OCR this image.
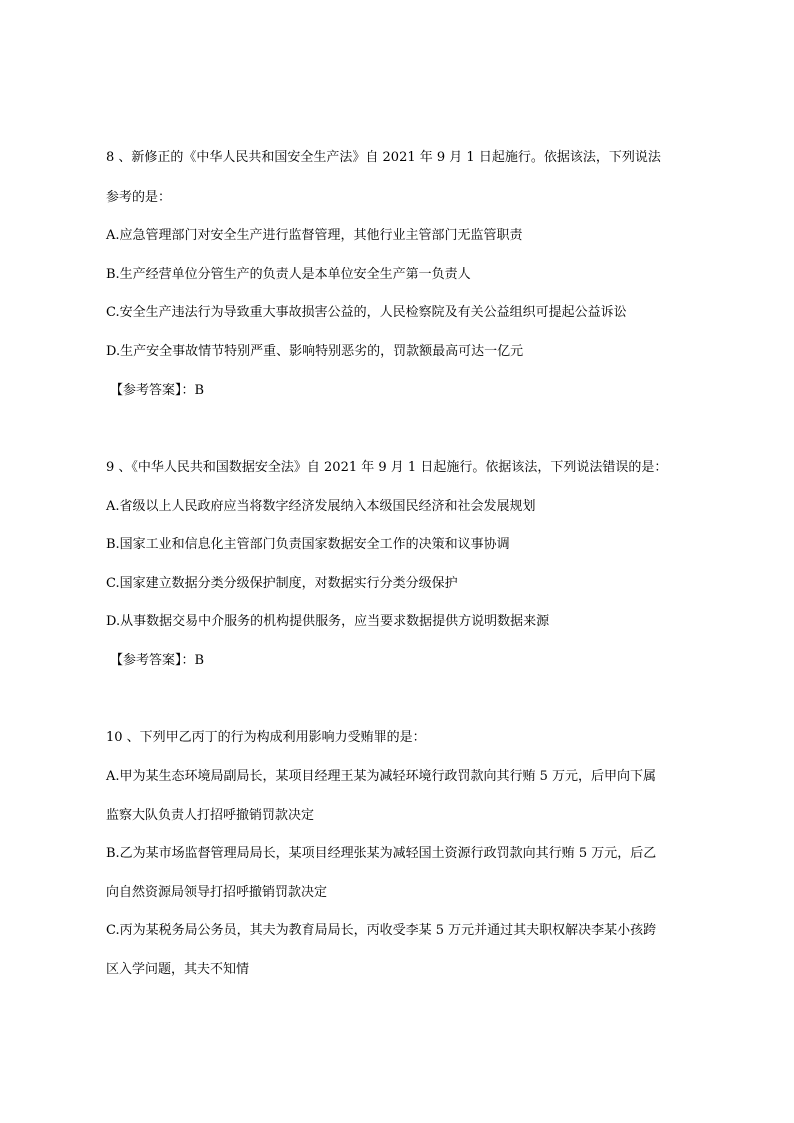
8 、新修正的《中华人民共和国安全生产法》自 2021 年 9 月 1 日起施行。依据该法，下列说法
参考的是：
A.应急管理部门对安全生产进行监督管理，其他行业主管部门无监管职责
B.生产经营单位分管生产的负责人是本单位安全生产第一负责人
C.安全生产违法行为导致重大事故损害公益的，人民检察院及有关公益组织可提起公益诉讼
D.生产安全事故情节特别严重、影响特别恶劣的，罚款额最高可达一亿元
【参考答案】：B
9 、《中华人民共和国数据安全法》自 2021 年 9 月 1 日起施行。依据该法，下列说法错误的是：
A.省级以上人民政府应当将数字经济发展纳入本级国民经济和社会发展规划
B.国家工业和信息化主管部门负责国家数据安全工作的决策和议事协调
C.国家建立数据分类分级保护制度，对数据实行分类分级保护
D.从事数据交易中介服务的机构提供服务，应当要求数据提供方说明数据来源
【参考答案】：B
10 、下列甲乙丙丁的行为构成利用影响力受贿罪的是：
A.甲为某生态环境局副局长，某项目经理王某为减轻环境行政罚款向其行贿 5 万元，后甲向下属
监察大队负责人打招呼撤销罚款决定
B.乙为某市场监督管理局局长，某项目经理张某为减轻国土资源行政罚款向其行贿 5 万元，后乙
向自然资源局领导打招呼撤销罚款决定
C.丙为某税务局公务员，其夫为教育局局长，丙收受李某 5 万元并通过其夫职权解决李某小孩跨
区入学问题，其夫不知情
